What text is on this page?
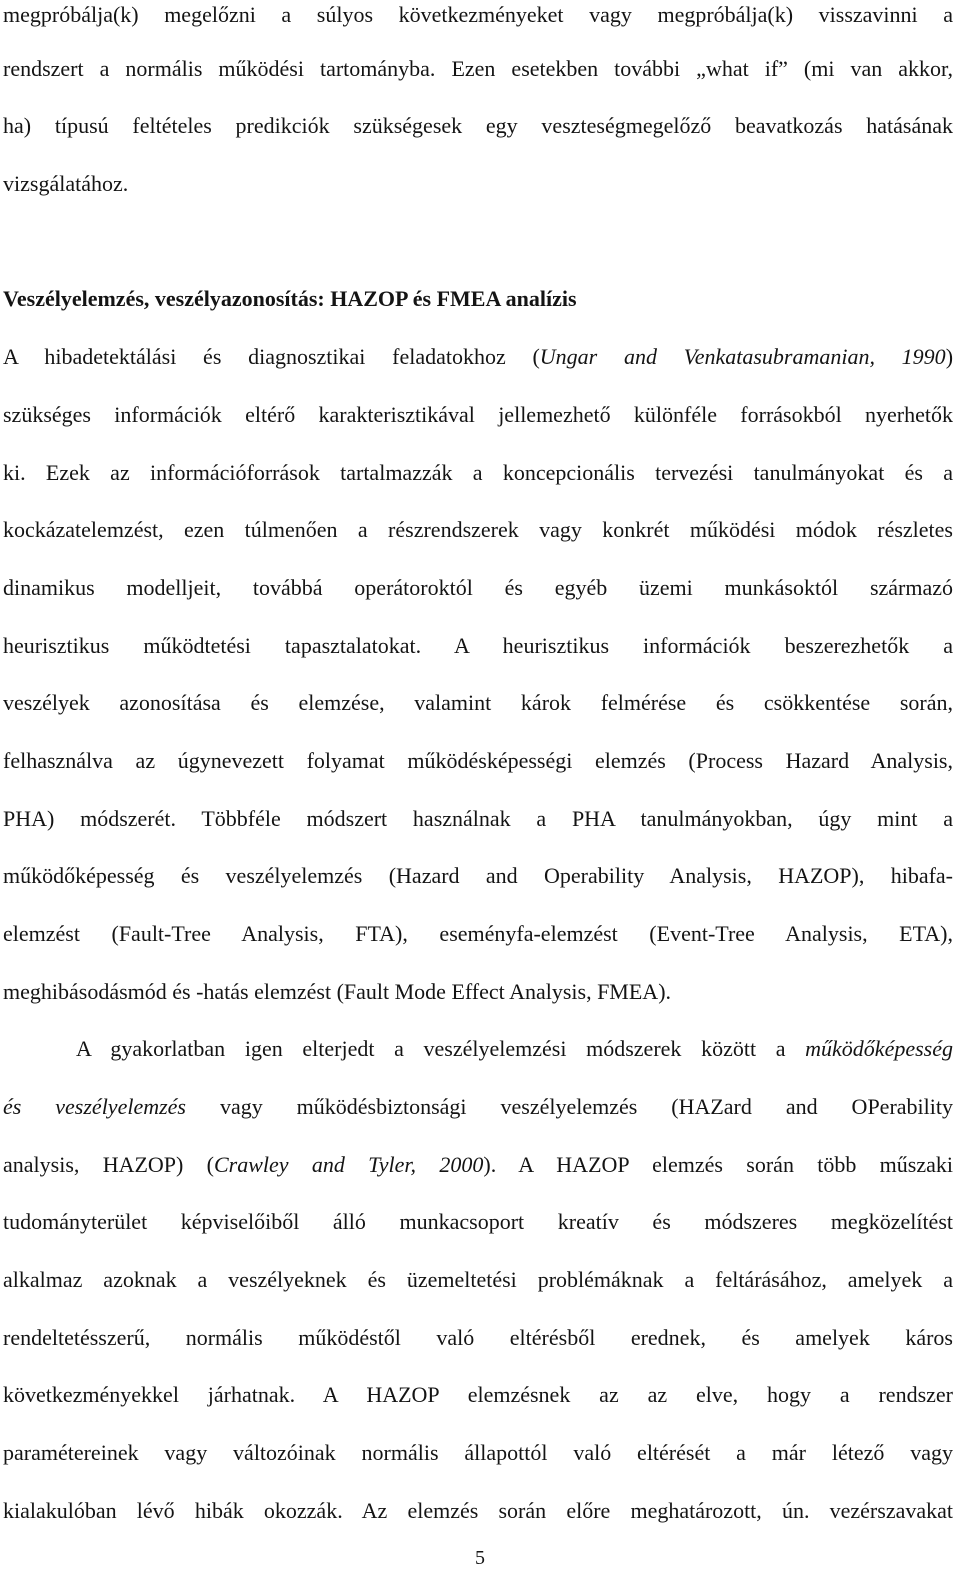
megpróbálja(k) megelőzni a súlyos következményeket vagy megpróbálja(k) visszavinni a
rendszert a normális működési tartományba. Ezen esetekben további „what if” (mi van akkor,
ha) típusú feltételes predikciók szükségesek egy veszteségmegelőző beavatkozás hatásának
vizsgálatához.
Veszélyelemzés, veszélyazonosítás: HAZOP és FMEA analízis
A hibadetektálási és diagnosztikai feladatokhoz (Ungar and Venkatasubramanian, 1990)
szükséges információk eltérő karakterisztikával jellemezhető különféle forrásokból nyerhetők
ki. Ezek az információforrások tartalmazzák a koncepcionális tervezési tanulmányokat és a
kockázatelemzést, ezen túlmenően a részrendszerek vagy konkrét működési módok részletes
dinamikus modelljeit, továbbá operátoroktól és egyéb üzemi munkásoktól származó
heurisztikus működtetési tapasztalatokat. A heurisztikus információk beszerezhetők a
veszélyek azonosítása és elemzése, valamint károk felmérése és csökkentése során,
felhasználva az úgynevezett folyamat működésképességi elemzés (Process Hazard Analysis,
PHA) módszerét. Többféle módszert használnak a PHA tanulmányokban, úgy mint a
működőképesség és veszélyelemzés (Hazard and Operability Analysis, HAZOP), hibafa-
elemzést (Fault-Tree Analysis, FTA), eseményfa-elemzést (Event-Tree Analysis, ETA),
meghibásodásmód és -hatás elemzést (Fault Mode Effect Analysis, FMEA).
A gyakorlatban igen elterjedt a veszélyelemzési módszerek között a működőképesség
és veszélyelemzés vagy működésbiztonsági veszélyelemzés (HAZard and OPerability
analysis, HAZOP) (Crawley and Tyler, 2000). A HAZOP elemzés során több műszaki
tudományterület képviselőiből álló munkacsoport kreatív és módszeres megközelítést
alkalmaz azoknak a veszélyeknek és üzemeltetési problémáknak a feltárásához, amelyek a
rendeltetésszerű, normális működéstől való eltérésből erednek, és amelyek káros
következményekkel járhatnak. A HAZOP elemzésnek az az elve, hogy a rendszer
paramétereinek vagy változóinak normális állapottól való eltérését a már létező vagy
kialakulóban lévő hibák okozzák. Az elemzés során előre meghatározott, ún. vezérszavakat
5
